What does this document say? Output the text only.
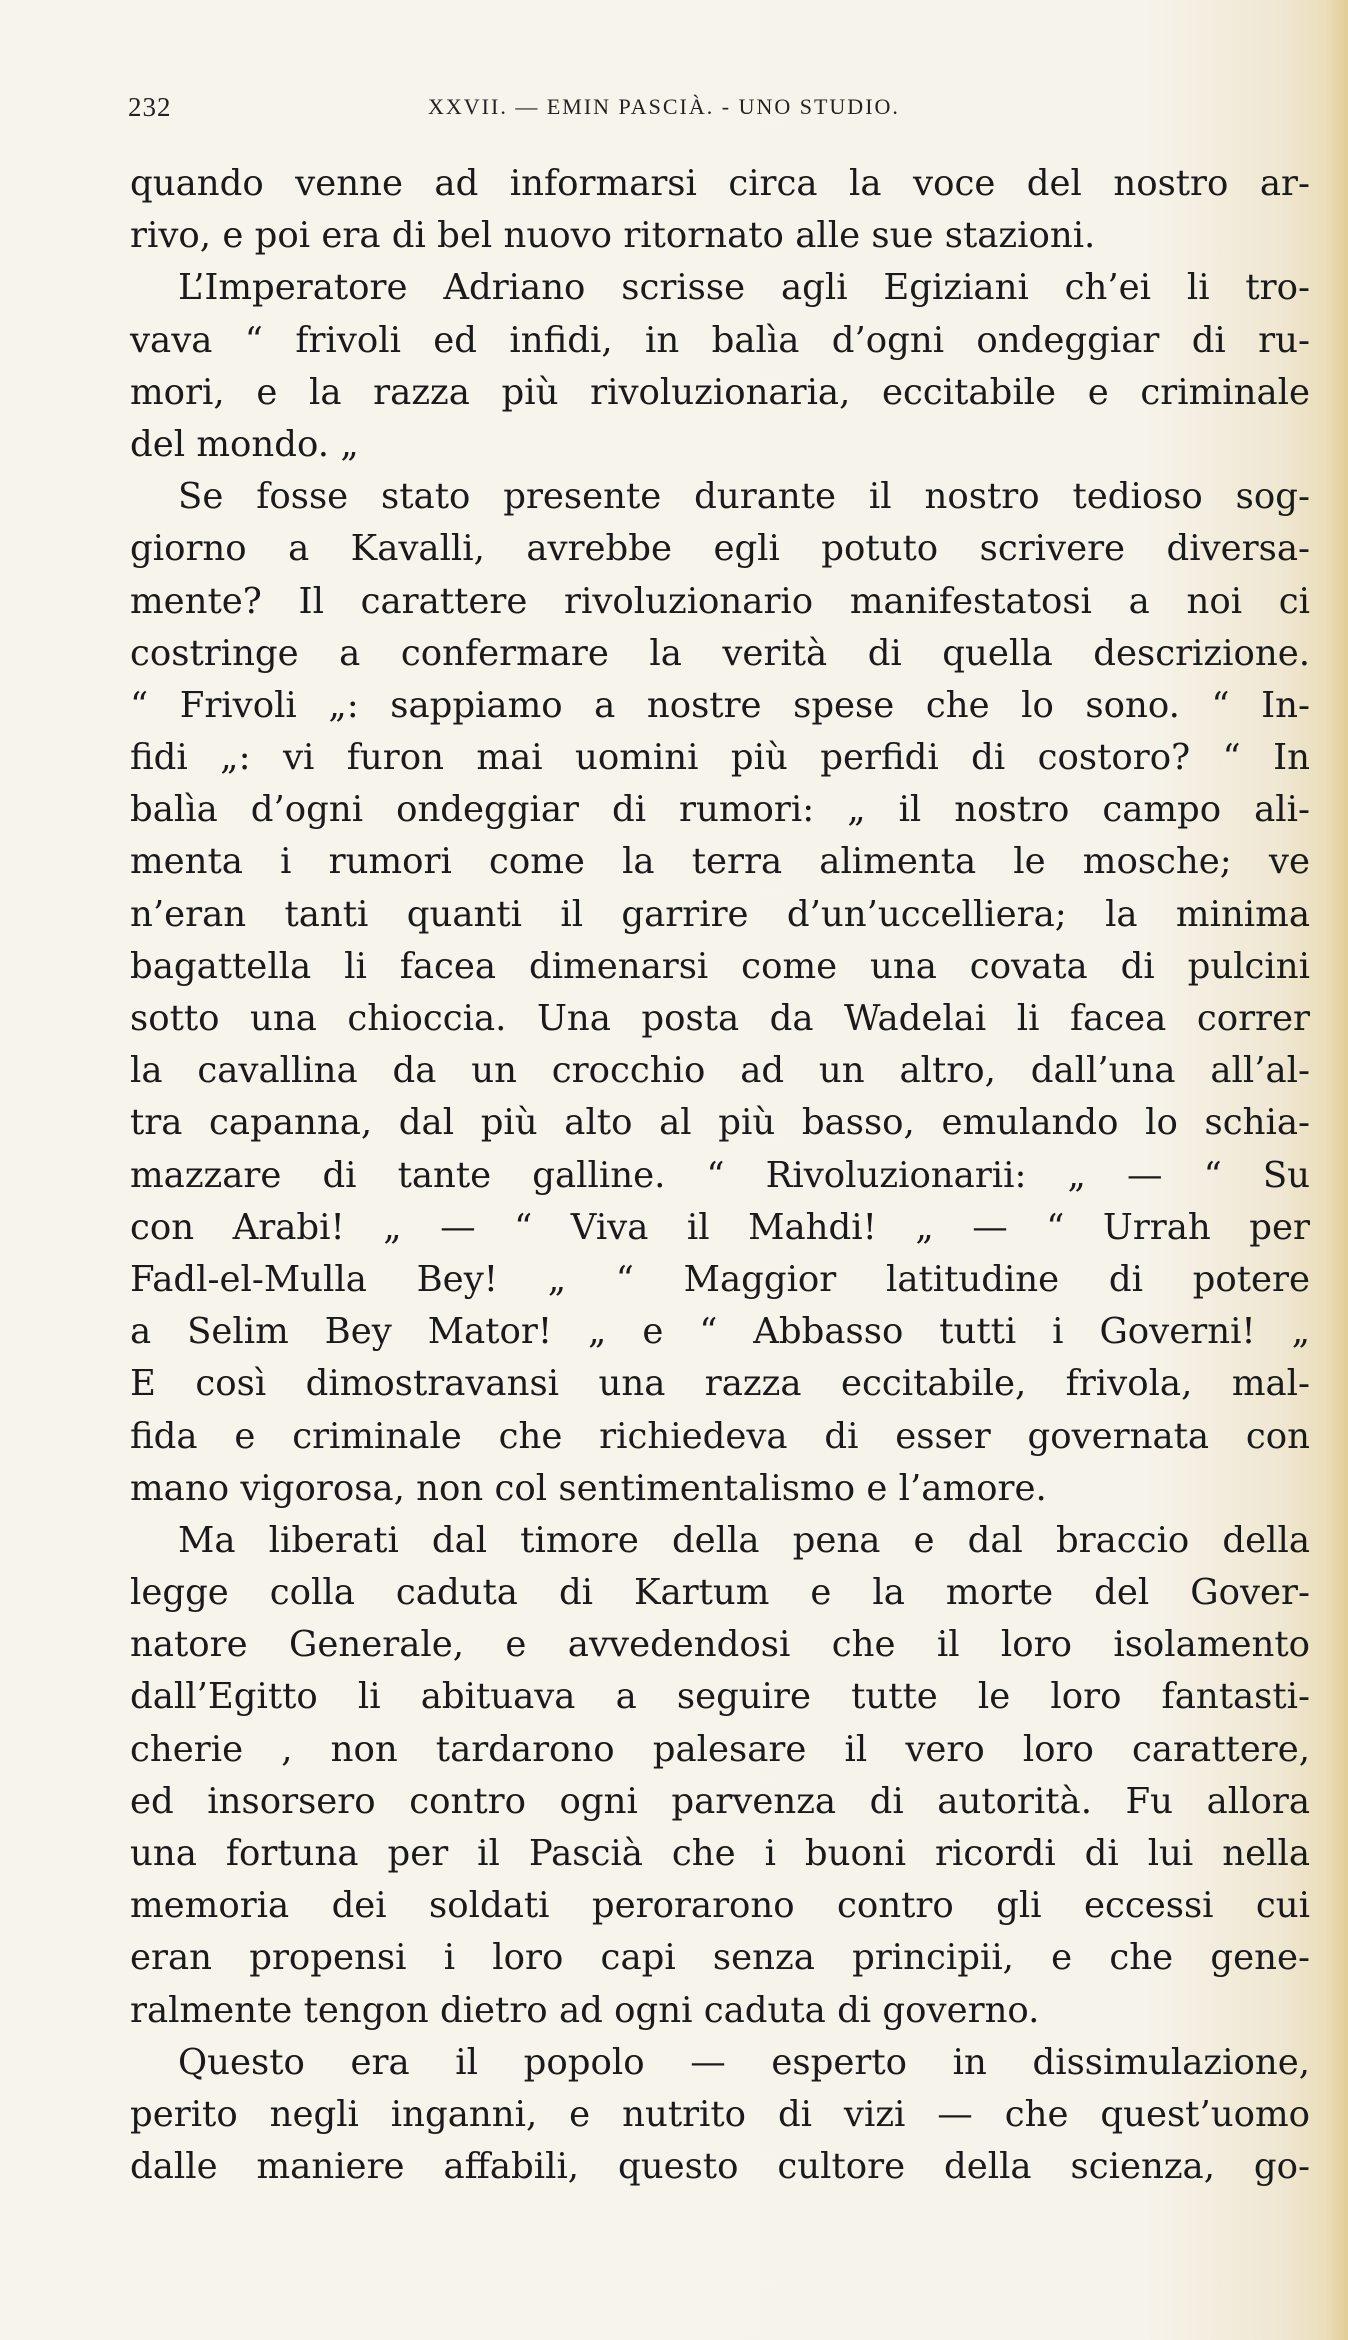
232	XXVII. — EMIN PASCIÀ. - UNO STUDIO.
quando venne ad informarsi circa la voce del nostro ar-
rivo, e poi era di bel nuovo ritornato alle sue stazioni.
L’Imperatore Adriano scrisse agli Egiziani ch’ei li tro-
vava “ frivoli ed infidi, in balìa d’ogni ondeggiar di ru-
mori, e la razza più rivoluzionaria, eccitabile e criminale
del mondo. „
Se fosse stato presente durante il nostro tedioso sog-
giorno a Kavalli, avrebbe egli potuto scrivere diversa-
mente? Il carattere rivoluzionario manifestatosi a noi ci
costringe a confermare la verità di quella descrizione.
“ Frivoli „: sappiamo a nostre spese che lo sono. “ In-
fidi „: vi furon mai uomini più perfidi di costoro? “ In
balìa d’ogni ondeggiar di rumori: „ il nostro campo ali-
menta i rumori come la terra alimenta le mosche; ve
n’eran tanti quanti il garrire d’un’uccelliera; la minima
bagattella li facea dimenarsi come una covata di pulcini
sotto una chioccia. Una posta da Wadelai li facea correr
la cavallina da un crocchio ad un altro, dall’una all’al-
tra capanna, dal più alto al più basso, emulando lo schia-
mazzare di tante galline. “ Rivoluzionarii: „ — “ Su
con Arabi! „ — “ Viva il Mahdi! „ — “ Urrah per
Fadl-el-Mulla Bey! „ “ Maggior latitudine di potere
a Selim Bey Mator! „ e “ Abbasso tutti i Governi! „
E così dimostravansi una razza eccitabile, frivola, mal-
fida e criminale che richiedeva di esser governata con
mano vigorosa, non col sentimentalismo e l’amore.
Ma liberati dal timore della pena e dal braccio della
legge colla caduta di Kartum e la morte del Gover-
natore Generale, e avvedendosi che il loro isolamento
dall’Egitto li abituava a seguire tutte le loro fantasti-
cherie , non tardarono palesare il vero loro carattere,
ed insorsero contro ogni parvenza di autorità. Fu allora
una fortuna per il Pascià che i buoni ricordi di lui nella
memoria dei soldati perorarono contro gli eccessi cui
eran propensi i loro capi senza principii, e che gene-
ralmente tengon dietro ad ogni caduta di governo.
Questo era il popolo — esperto in dissimulazione,
perito negli inganni, e nutrito di vizi — che quest’uomo
dalle maniere affabili, questo cultore della scienza, go-
